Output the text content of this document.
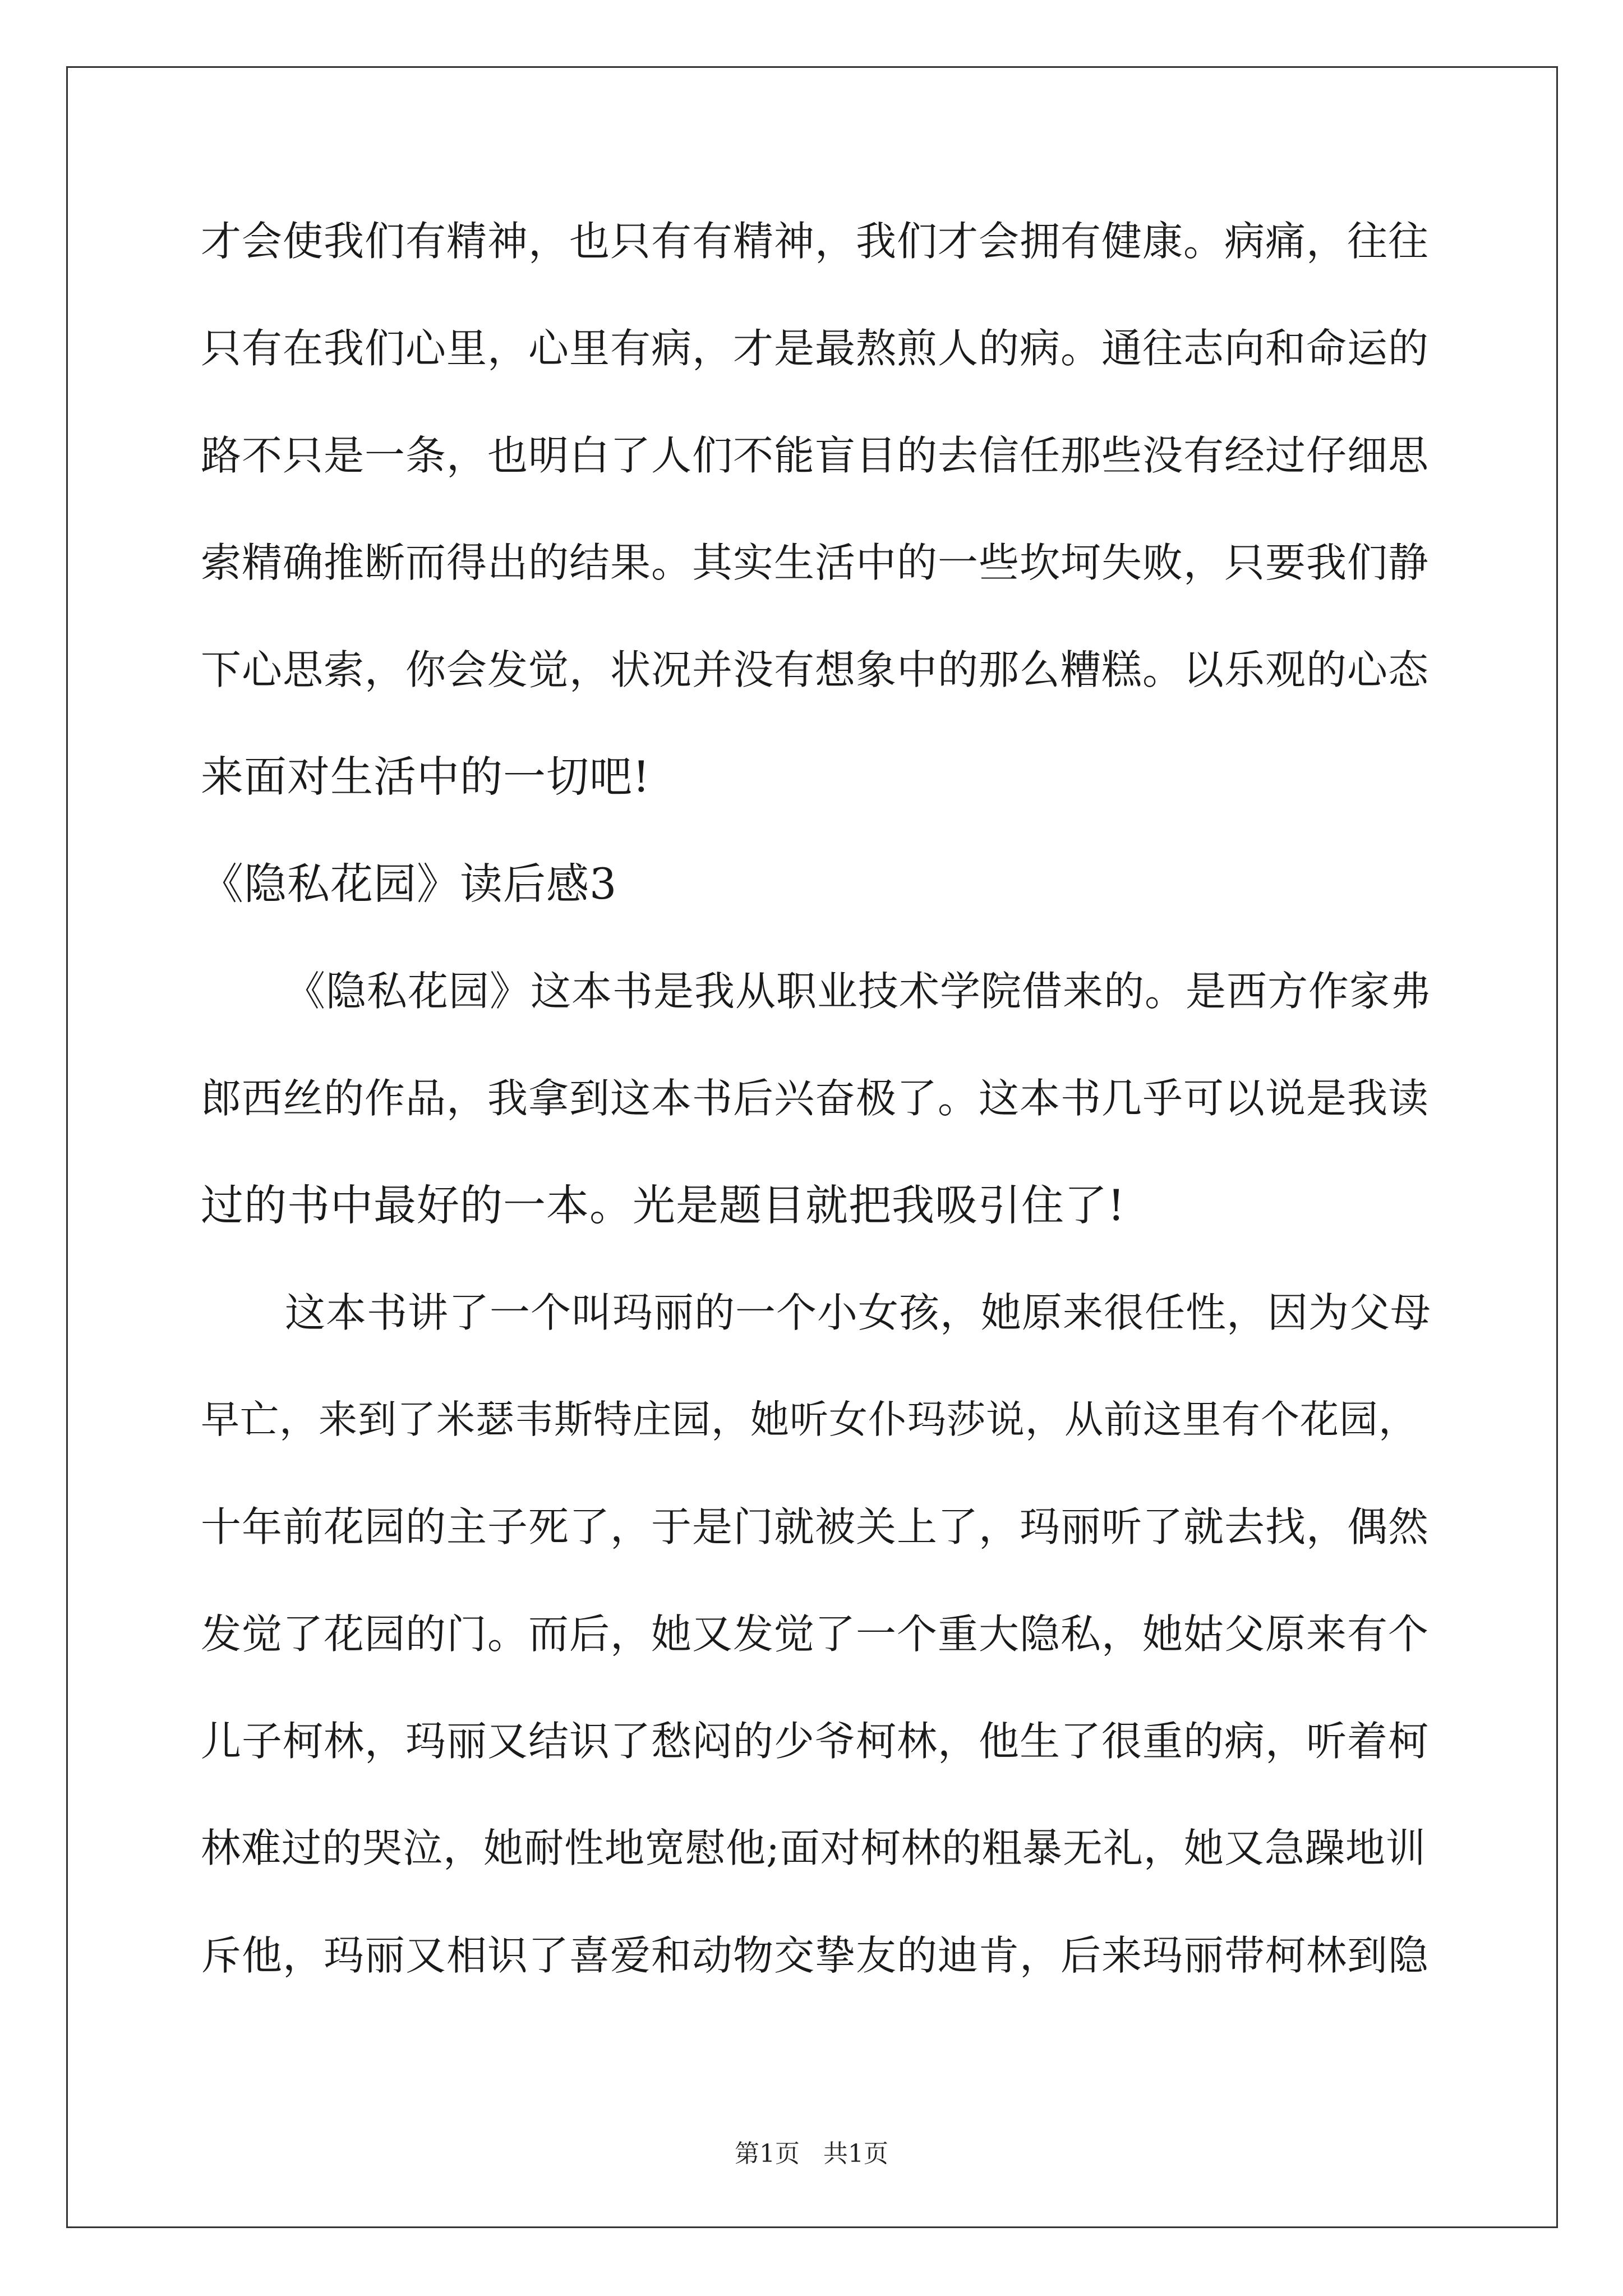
才会使我们有精神，也只有有精神，我们才会拥有健康。病痛，往往
只有在我们心里，心里有病，才是最熬煎人的病。通往志向和命运的
路不只是一条，也明白了人们不能盲目的去信任那些没有经过仔细思
索精确推断而得出的结果。其实生活中的一些坎坷失败，只要我们静
下心思索，你会发觉，状况并没有想象中的那么糟糕。以乐观的心态
来面对生活中的一切吧!
《隐私花园》读后感3
《隐私花园》这本书是我从职业技术学院借来的。是西方作家弗
郎西丝的作品，我拿到这本书后兴奋极了。这本书几乎可以说是我读
过的书中最好的一本。光是题目就把我吸引住了!
这本书讲了一个叫玛丽的一个小女孩，她原来很任性，因为父母
早亡，来到了米瑟韦斯特庄园，她听女仆玛莎说，从前这里有个花园，
十年前花园的主子死了，于是门就被关上了，玛丽听了就去找，偶然
发觉了花园的门。而后，她又发觉了一个重大隐私，她姑父原来有个
儿子柯林，玛丽又结识了愁闷的少爷柯林，他生了很重的病，听着柯
林难过的哭泣，她耐性地宽慰他;面对柯林的粗暴无礼，她又急躁地训
斥他，玛丽又相识了喜爱和动物交挚友的迪肯，后来玛丽带柯林到隐
第1页   共1页
